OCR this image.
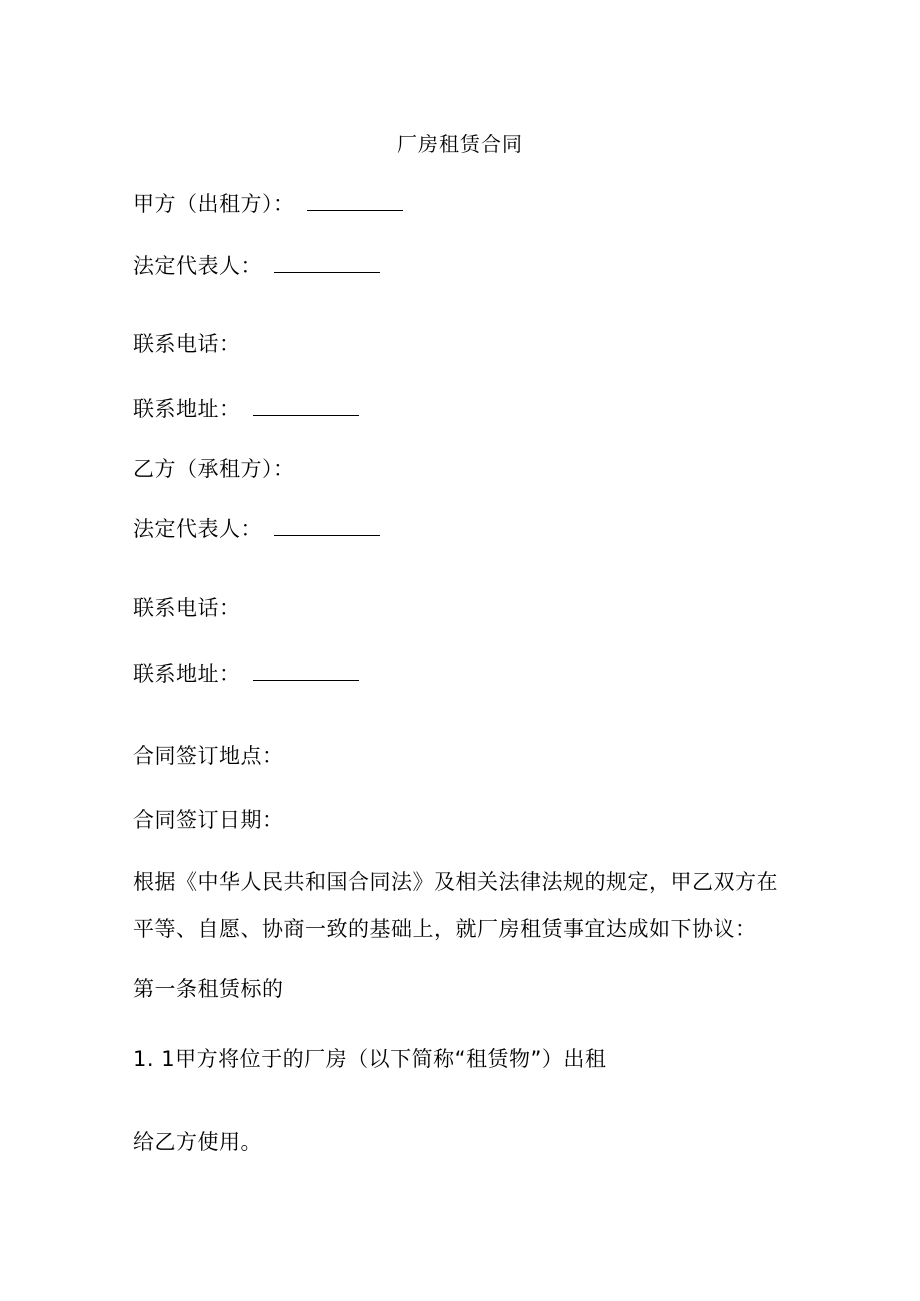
厂房租赁合同
甲方（出租方）：
法定代表人：
联系电话：
联系地址：
乙方（承租方）：
法定代表人：
联系电话：
联系地址：
合同签订地点：
合同签订日期：
根据《中华人民共和国合同法》及相关法律法规的规定，甲乙双方在
平等、自愿、协商一致的基础上，就厂房租赁事宜达成如下协议：
第一条租赁标的
1. 1甲方将位于的厂房（以下简称“租赁物”）出租
给乙方使用。
